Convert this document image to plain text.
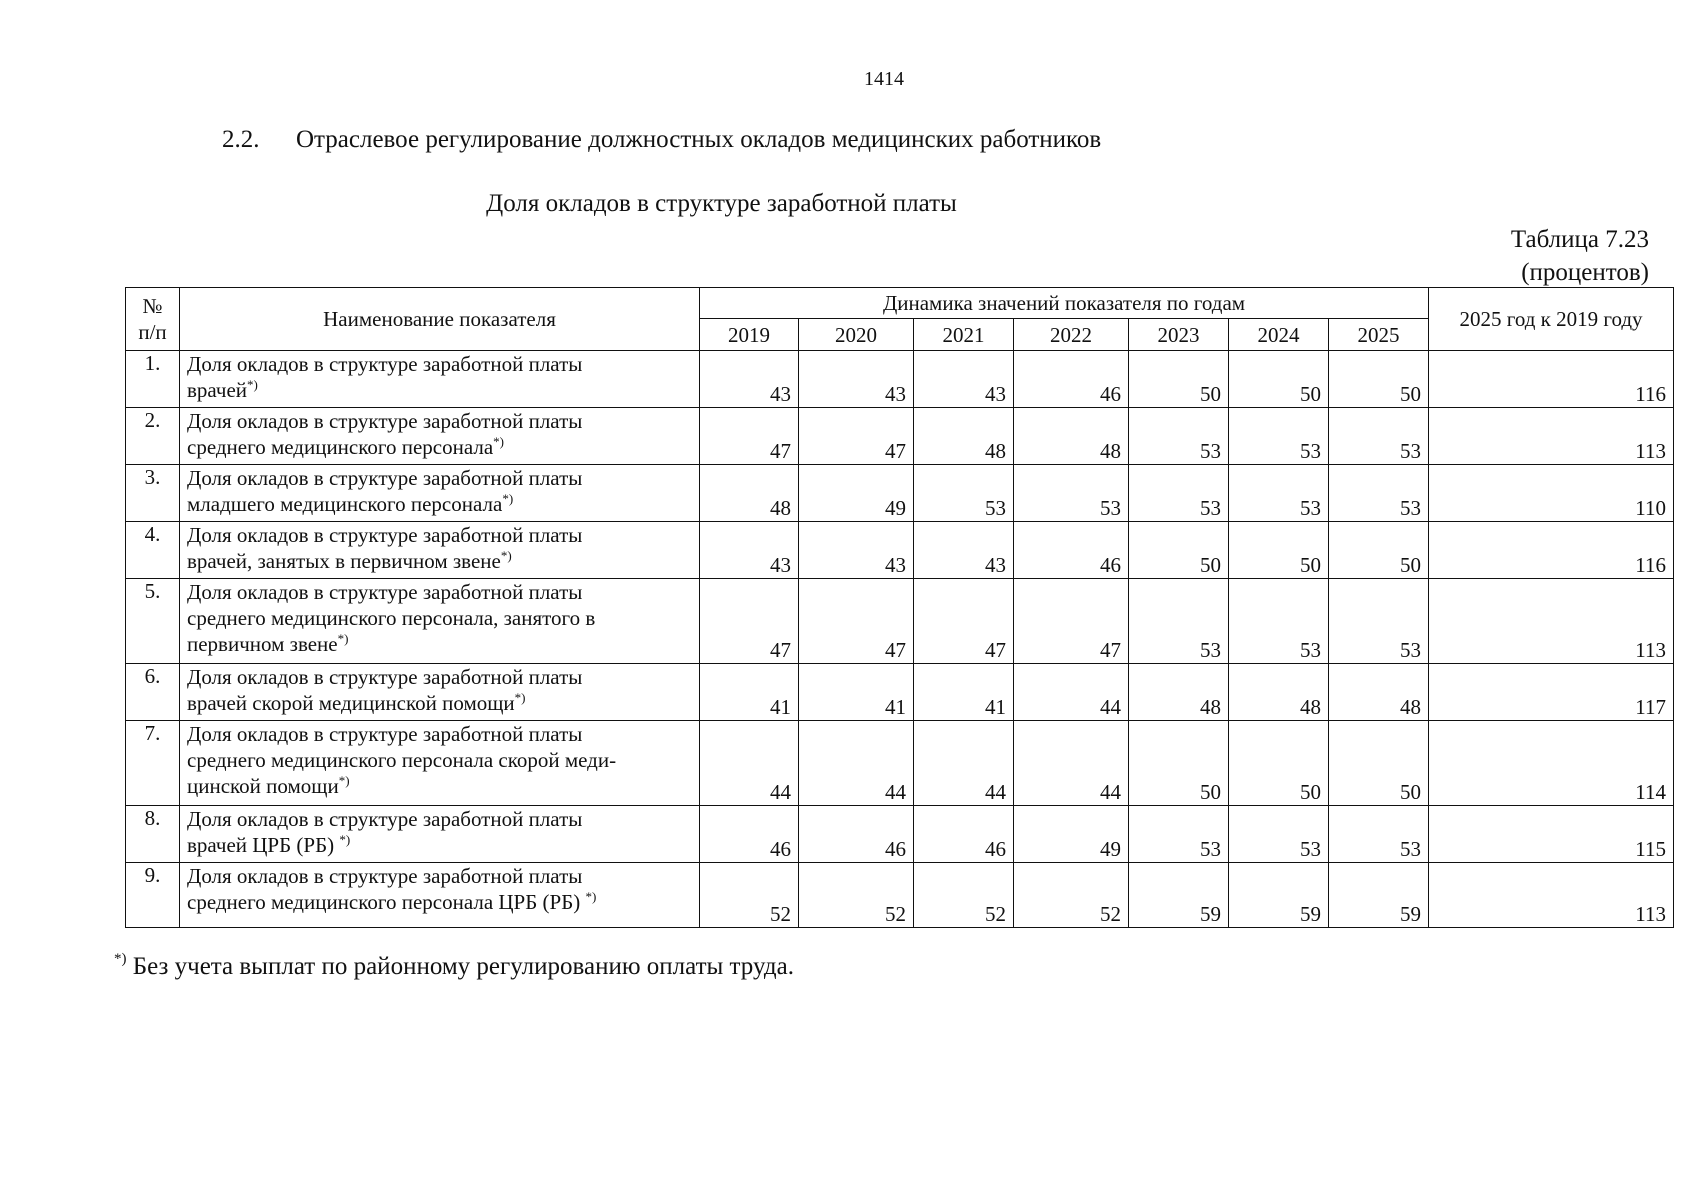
1414
2.2. Отраслевое регулирование должностных окладов медицинских работников
Доля окладов в структуре заработной платы
Таблица 7.23
(процентов)
№
п/п	Наименование показателя	Динамика значений показателя по годам							2025 год к 2019 году
		2019	2020	2021	2022	2023	2024	2025	
1.	Доля окладов в структуре заработной платы
врачей*)	43	43	43	46	50	50	50	116
2.	Доля окладов в структуре заработной платы
среднего медицинского персонала*)	47	47	48	48	53	53	53	113
3.	Доля окладов в структуре заработной платы
младшего медицинского персонала*)	48	49	53	53	53	53	53	110
4.	Доля окладов в структуре заработной платы
врачей, занятых в первичном звене*)	43	43	43	46	50	50	50	116
5.	Доля окладов в структуре заработной платы
среднего медицинского персонала, занятого в
первичном звене*)	47	47	47	47	53	53	53	113
6.	Доля окладов в структуре заработной платы
врачей скорой медицинской помощи*)	41	41	41	44	48	48	48	117
7.	Доля окладов в структуре заработной платы
среднего медицинского персонала скорой меди-
цинской помощи*)	44	44	44	44	50	50	50	114
8.	Доля окладов в структуре заработной платы
врачей ЦРБ (РБ) *)	46	46	46	49	53	53	53	115
9.	Доля окладов в структуре заработной платы
среднего медицинского персонала ЦРБ (РБ) *)	52	52	52	52	59	59	59	113
*) Без учета выплат по районному регулированию оплаты труда.
